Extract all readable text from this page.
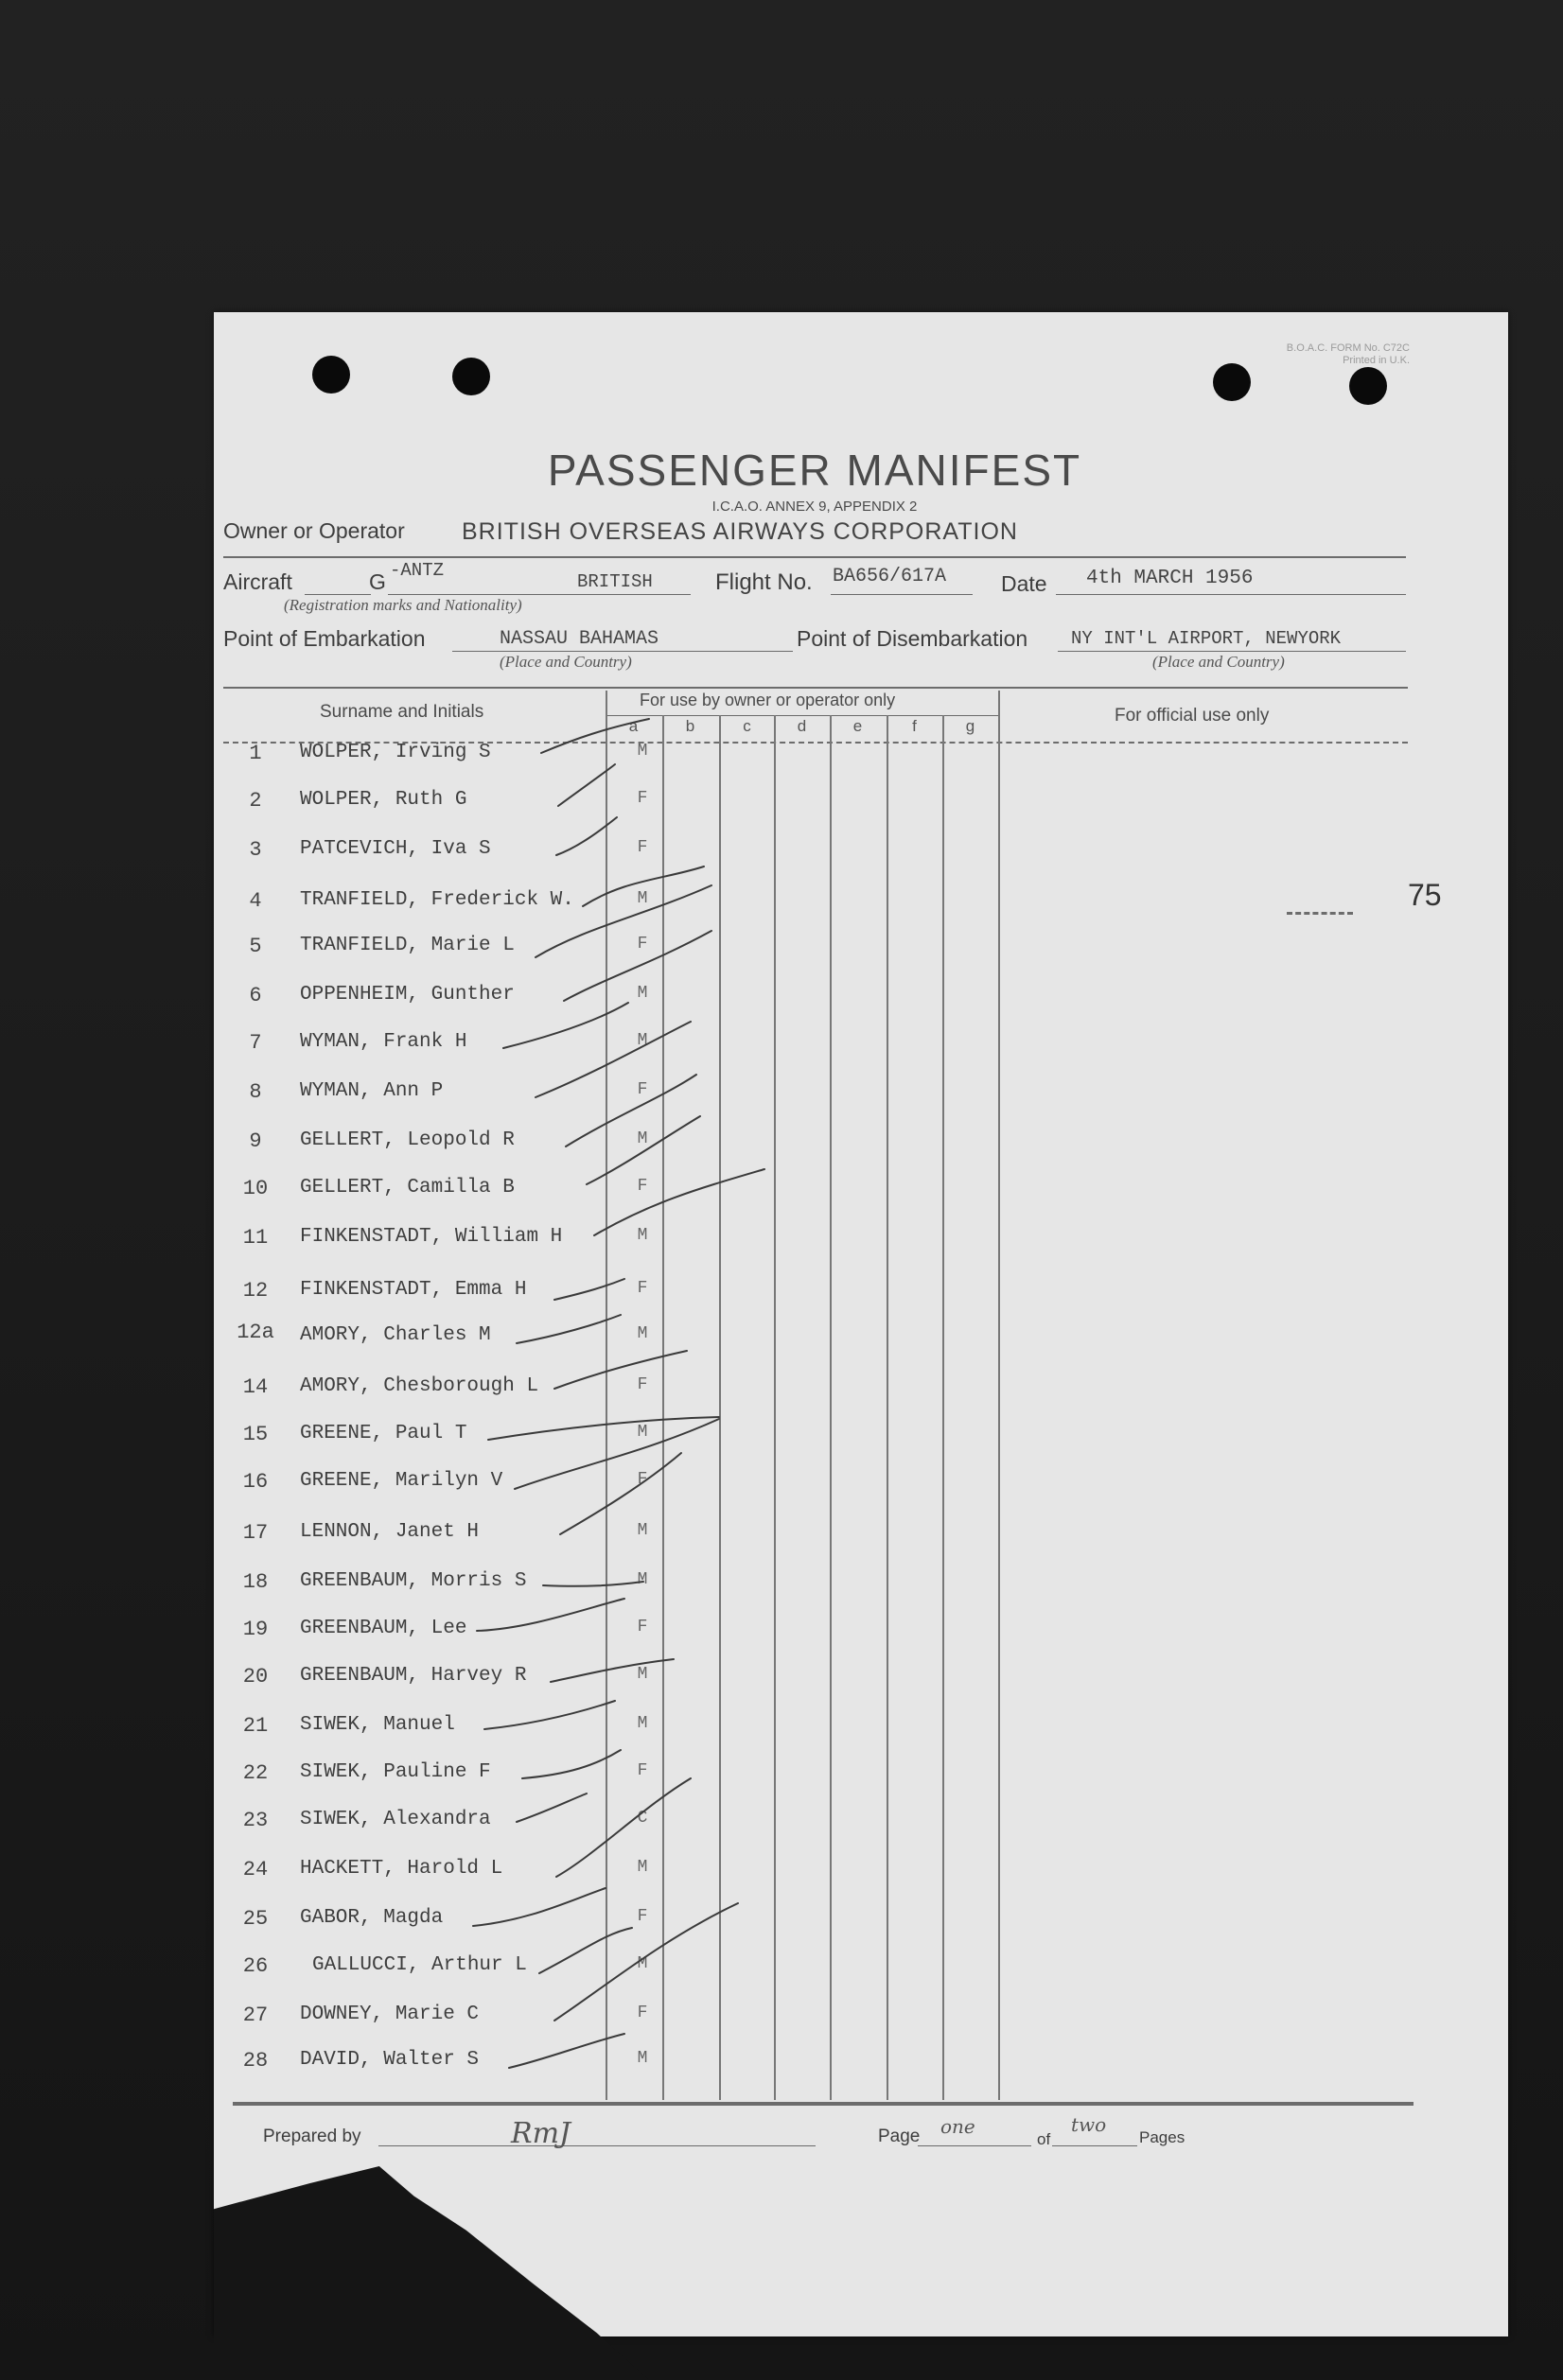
B.O.A.C. FORM No. C72C
Printed in U.K.
PASSENGER MANIFEST
I.C.A.O. ANNEX 9, APPENDIX 2
Owner or Operator BRITISH OVERSEAS AIRWAYS CORPORATION
Aircraft	G -ANTZ
BRITISH
(Registration marks and Nationality)
Flight No. BA656/617A	Date 4th MARCH 1956
Point of Embarkation	NASSAU BAHAMAS
(Place and Country)
Point of Disembarkation NY INT'L AIRPORT, NEWYORK
(Place and Country)
Surname and Initials
For use by owner or operator only
For official use only
a	b	c	d	e	f	g
1	WOLPER, Irving S	M
2	WOLPER, Ruth G	F
3	PATCEVICH, Iva S	F
4	TRANFIELD, Frederick W.	M
5	TRANFIELD, Marie L	F
6	OPPENHEIM, Gunther	M
7	WYMAN, Frank H	M
8	WYMAN, Ann P	F
9	GELLERT, Leopold R	M
10	GELLERT, Camilla B	F
11	FINKENSTADT, William H	M
12	FINKENSTADT, Emma H	F
12a AMORY, Charles M	M
14	AMORY, Chesborough L	F
15	GREENE, Paul T	M
16	GREENE, Marilyn V	F
17	LENNON, Janet H	M
18	GREENBAUM, Morris S	M
19	GREENBAUM, Lee	F
20	GREENBAUM, Harvey R	M
21	SIWEK, Manuel	M
22	SIWEK, Pauline F	F
23	SIWEK, Alexandra	C
24	HACKETT, Harold L	M
25	GABOR, Magda	F
26	GALLUCCI, Arthur L	M
27	DOWNEY, Marie C	F
28	DAVID, Walter S	M
75
Prepared by	RmJ	Page one
of
two
Pages
